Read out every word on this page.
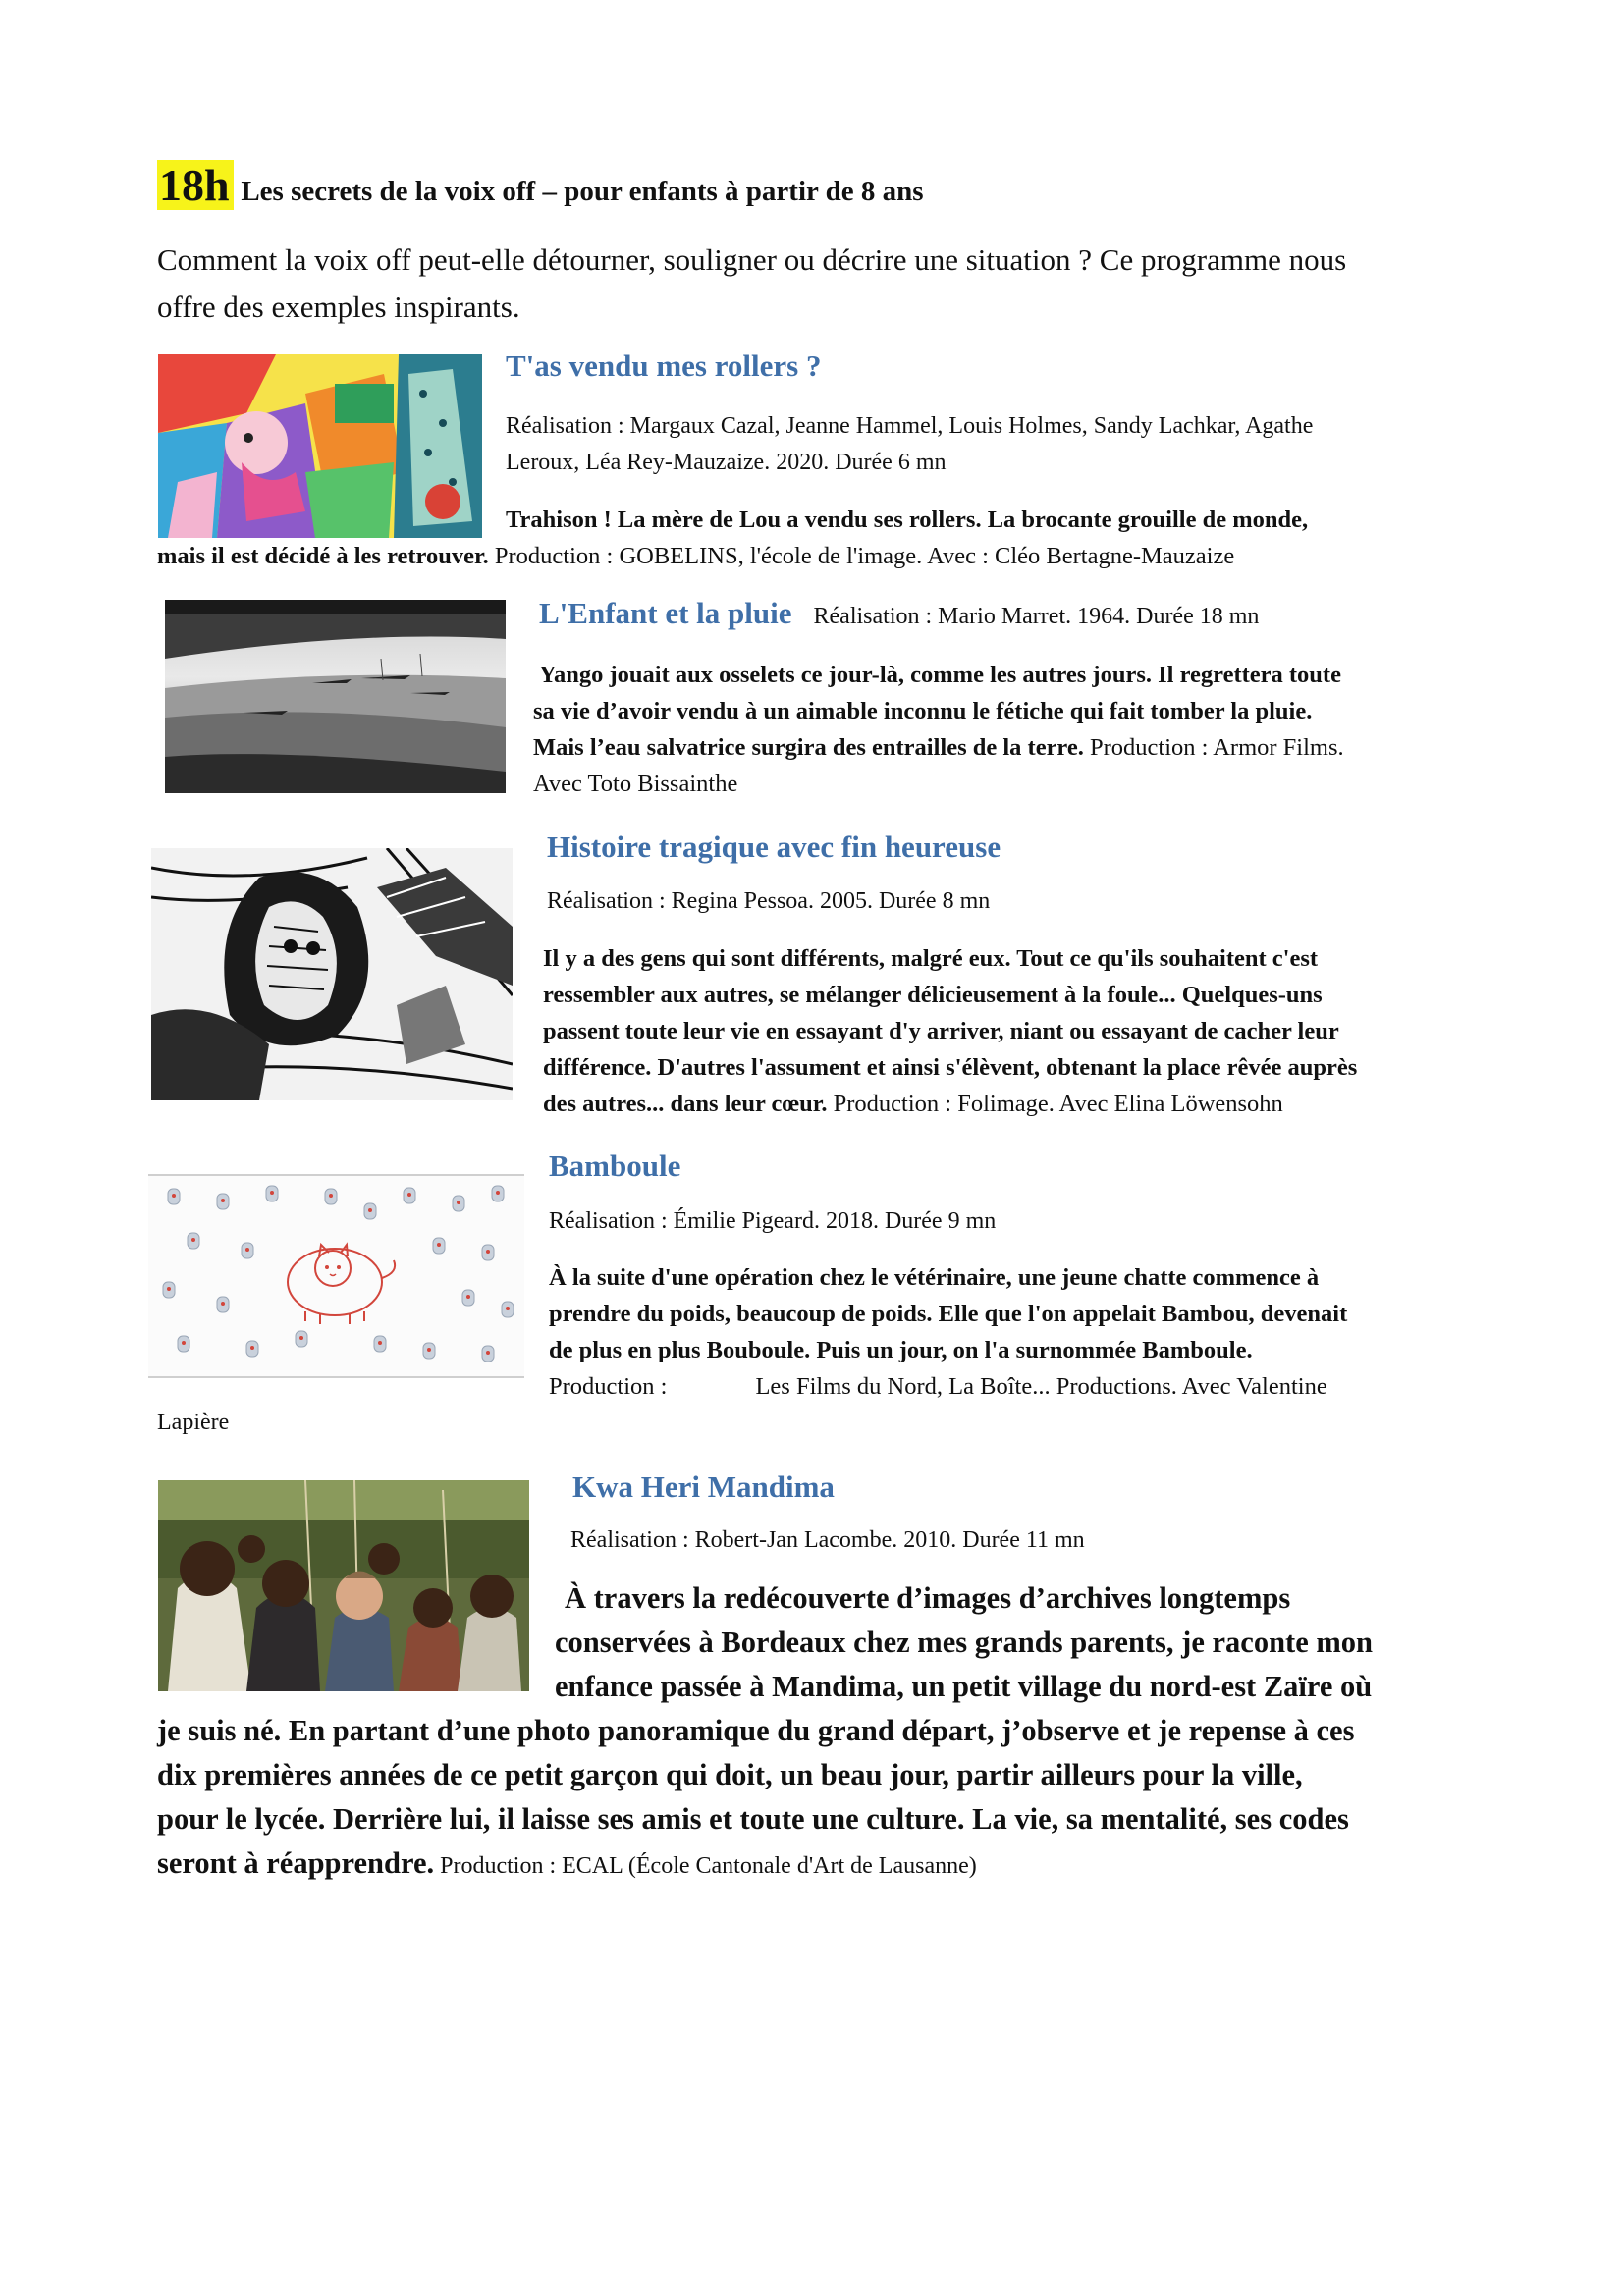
18h Les secrets de la voix off – pour enfants à partir de 8 ans
Comment la voix off peut-elle détourner, souligner ou décrire une situation ? Ce programme nous
offre des exemples inspirants.
T'as vendu mes rollers ?
Réalisation : Margaux Cazal, Jeanne Hammel, Louis Holmes, Sandy Lachkar, Agathe
Leroux, Léa Rey-Mauzaize. 2020. Durée 6 mn
Trahison ! La mère de Lou a vendu ses rollers. La brocante grouille de monde,
mais il est décidé à les retrouver. Production : GOBELINS, l'école de l'image. Avec : Cléo Bertagne-Mauzaize
L'Enfant et la pluie Réalisation : Mario Marret. 1964. Durée 18 mn
Yango jouait aux osselets ce jour-là, comme les autres jours. Il regrettera toute
sa vie d’avoir vendu à un aimable inconnu le fétiche qui fait tomber la pluie.
Mais l’eau salvatrice surgira des entrailles de la terre. Production : Armor Films.
Avec Toto Bissainthe
Histoire tragique avec fin heureuse
Réalisation : Regina Pessoa. 2005. Durée 8 mn
Il y a des gens qui sont différents, malgré eux. Tout ce qu'ils souhaitent c'est
ressembler aux autres, se mélanger délicieusement à la foule... Quelques-uns
passent toute leur vie en essayant d'y arriver, niant ou essayant de cacher leur
différence. D'autres l'assument et ainsi s'élèvent, obtenant la place rêvée auprès
des autres... dans leur cœur. Production : Folimage. Avec Elina Löwensohn
Bamboule
Réalisation : Émilie Pigeard. 2018. Durée 9 mn
À la suite d'une opération chez le vétérinaire, une jeune chatte commence à
prendre du poids, beaucoup de poids. Elle que l'on appelait Bambou, devenait
de plus en plus Bouboule. Puis un jour, on l'a surnommée Bamboule.
Production :	Les Films du Nord, La Boîte... Productions. Avec Valentine
Lapière
Kwa Heri Mandima
Réalisation : Robert-Jan Lacombe. 2010. Durée 11 mn
À travers la redécouverte d’images d’archives longtemps
conservées à Bordeaux chez mes grands parents, je raconte mon
enfance passée à Mandima, un petit village du nord-est Zaïre où
je suis né. En partant d’une photo panoramique du grand départ, j’observe et je repense à ces
dix premières années de ce petit garçon qui doit, un beau jour, partir ailleurs pour la ville,
pour le lycée. Derrière lui, il laisse ses amis et toute une culture. La vie, sa mentalité, ses codes
seront à réapprendre. Production : ECAL (École Cantonale d'Art de Lausanne)
